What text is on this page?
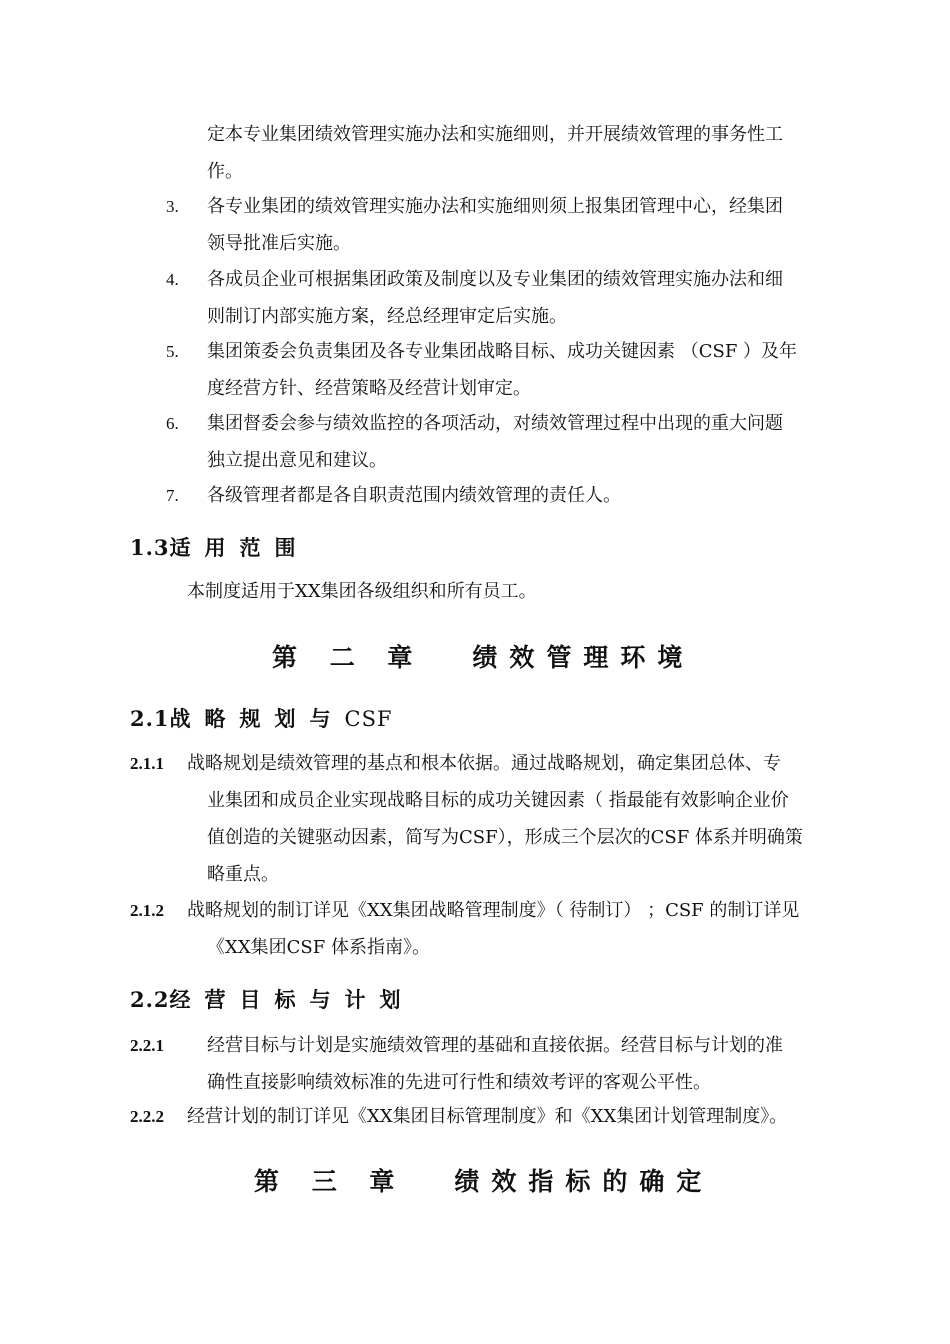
定本专业集团绩效管理实施办法和实施细则，并开展绩效管理的事务性工
作。
3. 各专业集团的绩效管理实施办法和实施细则须上报集团管理中心，经集团
领导批准后实施。
4. 各成员企业可根据集团政策及制度以及专业集团的绩效管理实施办法和细
则制订内部实施方案，经总经理审定后实施。
5. 集团策委会负责集团及各专业集团战略目标、成功关键因素 （CSF ）及年
度经营方针、经营策略及经营计划审定。
6. 集团督委会参与绩效监控的各项活动，对绩效管理过程中出现的重大问题
独立提出意见和建议。
7. 各级管理者都是各自职责范围内绩效管理的责任人。
1.3适用范围
本制度适用于XX集团各级组织和所有员工。
第 二 章 绩效管理环境
2.1战略规划与CSF
2.1.1 战略规划是绩效管理的基点和根本依据。通过战略规划，确定集团总体、专
业集团和成员企业实现战略目标的成功关键因素（ 指最能有效影响企业价
值创造的关键驱动因素，简写为CSF），形成三个层次的CSF 体系并明确策
略重点。
2.1.2 战略规划的制订详见《XX集团战略管理制度》（ 待制订） ；CSF 的制订详见
《XX集团CSF 体系指南》。
2.2经营目标与计划
2.2.1 经营目标与计划是实施绩效管理的基础和直接依据。经营目标与计划的准
确性直接影响绩效标准的先进可行性和绩效考评的客观公平性。
2.2.2 经营计划的制订详见《XX集团目标管理制度》和《XX集团计划管理制度》。
第 三 章 绩效指标的确定
